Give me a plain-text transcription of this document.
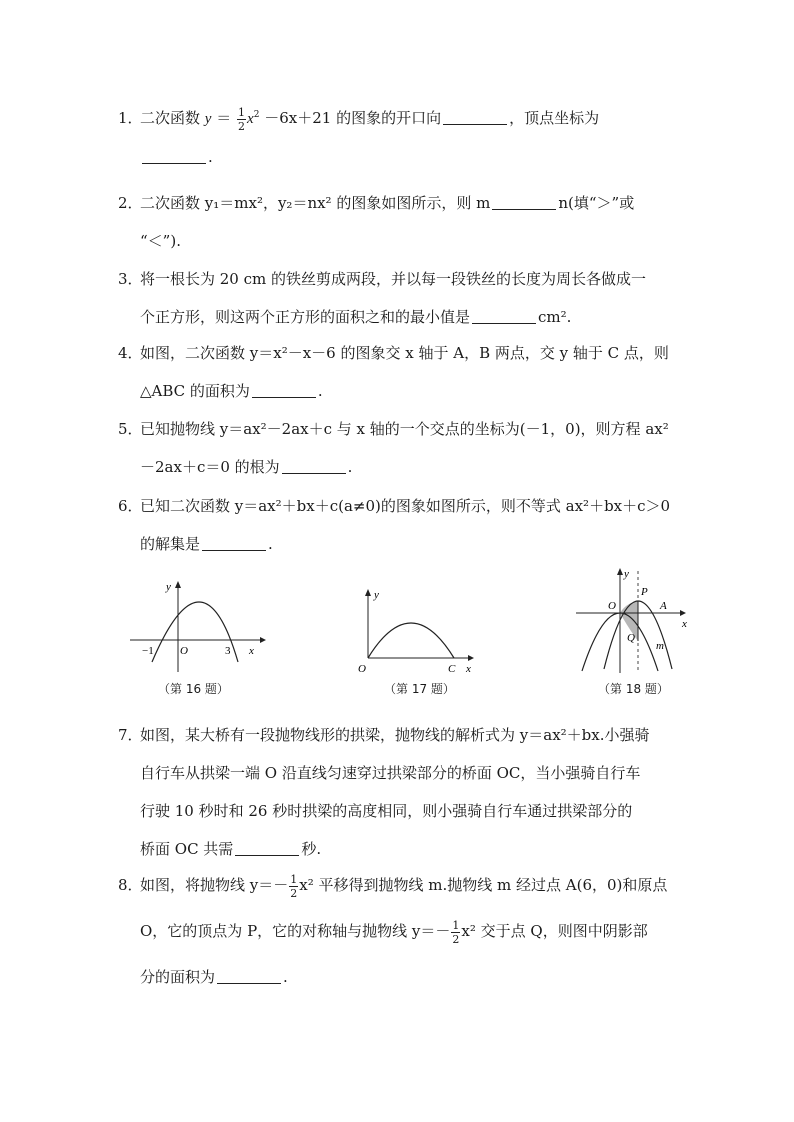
1．二次函数 $y = \frac{1}{2} x^2 -6x+21$ 的图象的开口向	，顶点坐标为
.
2．二次函数 y₁＝mx²，y₂＝nx² 的图象如图所示，则 m	n(填“＞”或
“＜”).
3．将一根长为 20 cm 的铁丝剪成两段，并以每一段铁丝的长度为周长各做成一
个正方形，则这两个正方形的面积之和的最小值是	cm².
4．如图，二次函数 y＝x²－x－6 的图象交 x 轴于 A，B 两点，交 y 轴于 C 点，则
△ABC 的面积为	.
5．已知抛物线 y＝ax²－2ax＋c 与 x 轴的一个交点的坐标为(－1，0)，则方程 ax²
－2ax＋c＝0 的根为	.
6．已知二次函数 y＝ax²＋bx＋c(a≠0)的图象如图所示，则不等式 ax²＋bx＋c＞0
的解集是	.
y
x
O
−1	3
（第 16 题）
y
x
O	C
（第 17 题）
y
x
O
P
A
Q
m
（第 18 题）
7．如图，某大桥有一段抛物线形的拱梁，抛物线的解析式为 y＝ax²＋bx.小强骑
自行车从拱梁一端 O 沿直线匀速穿过拱梁部分的桥面 OC，当小强骑自行车
行驶 10 秒时和 26 秒时拱梁的高度相同，则小强骑自行车通过拱梁部分的
桥面 OC 共需	秒.
8．如图，将抛物线 $y=- \frac{1}{2} x^2$ 平移得到抛物线 m.抛物线 m 经过点 A(6，0)和原点
O，它的顶点为 P，它的对称轴与抛物线 $y=- \frac{1}{2} x^2$ 交于点 Q，则图中阴影部
分的面积为	.
